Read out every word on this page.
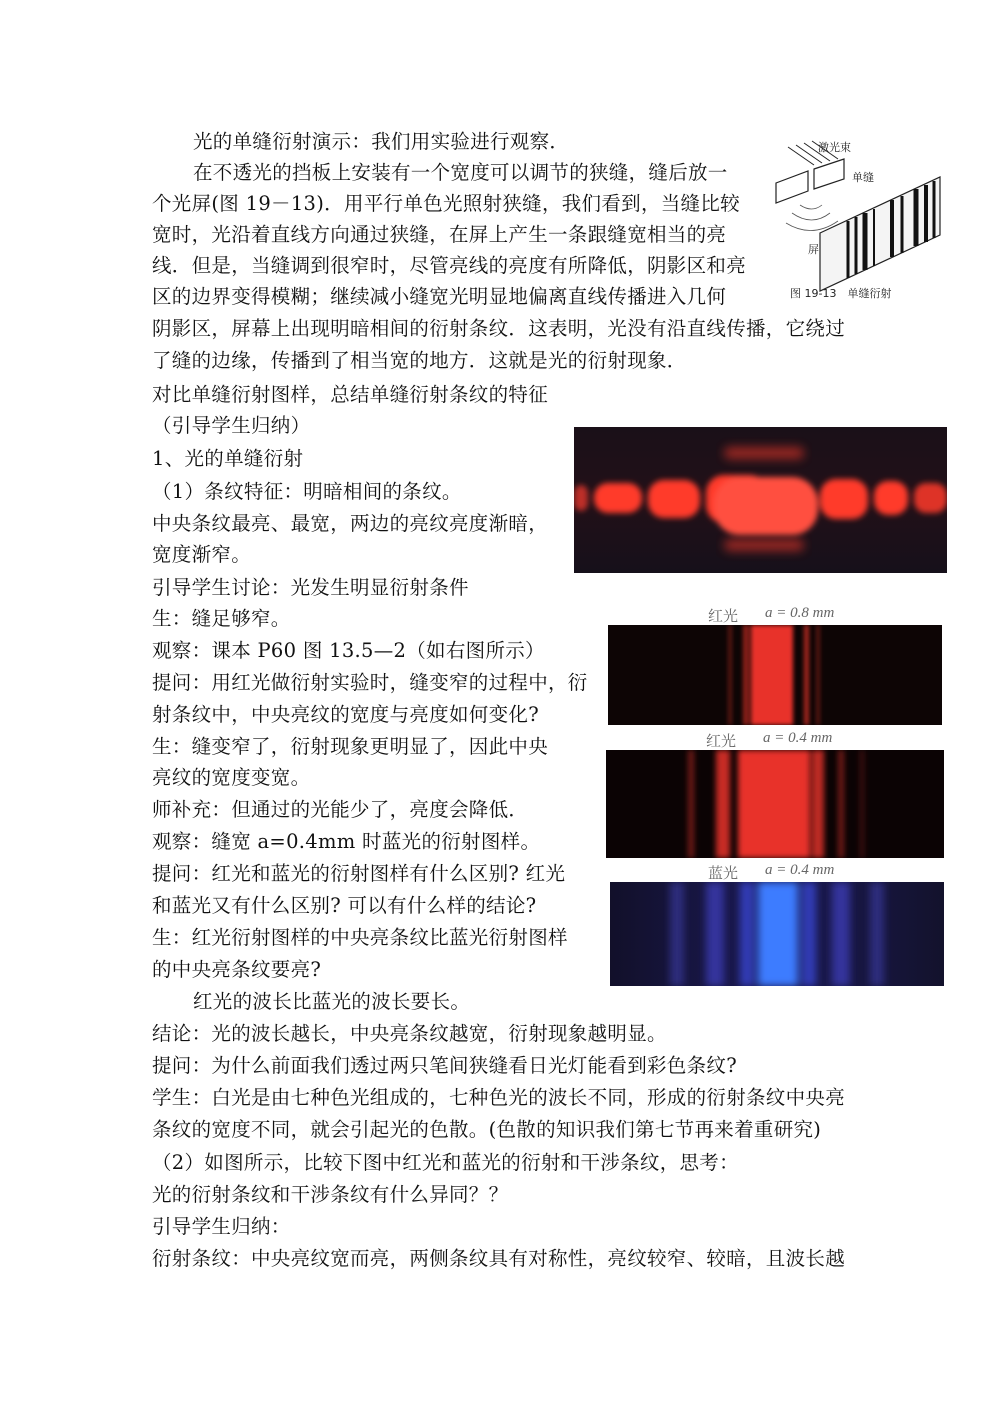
光的单缝衍射演示：我们用实验进行观察．
在不透光的挡板上安装有一个宽度可以调节的狭缝，缝后放一
个光屏(图 19－13)．用平行单色光照射狭缝，我们看到，当缝比较
宽时，光沿着直线方向通过狭缝，在屏上产生一条跟缝宽相当的亮
线．但是，当缝调到很窄时，尽管亮线的亮度有所降低，阴影区和亮
区的边界变得模糊；继续减小缝宽光明显地偏离直线传播进入几何
阴影区，屏幕上出现明暗相间的衍射条纹．这表明，光没有沿直线传播，它绕过
了缝的边缘，传播到了相当宽的地方．这就是光的衍射现象．
对比单缝衍射图样，总结单缝衍射条纹的特征
（引导学生归纳）
1、光的单缝衍射
（1）条纹特征：明暗相间的条纹。
中央条纹最亮、最宽，两边的亮纹亮度渐暗，
宽度渐窄。
引导学生讨论：光发生明显衍射条件
生：缝足够窄。
观察：课本 P60 图 13.5—2（如右图所示）
提问：用红光做衍射实验时，缝变窄的过程中，衍
射条纹中，中央亮纹的宽度与亮度如何变化?
生：缝变窄了，衍射现象更明显了，因此中央
亮纹的宽度变宽。
师补充：但通过的光能少了，亮度会降低．
观察：缝宽 a=0.4mm 时蓝光的衍射图样。
提问：红光和蓝光的衍射图样有什么区别? 红光
和蓝光又有什么区别? 可以有什么样的结论?
生：红光衍射图样的中央亮条纹比蓝光衍射图样
的中央亮条纹要亮?
红光的波长比蓝光的波长要长。
结论：光的波长越长，中央亮条纹越宽，衍射现象越明显。
提问：为什么前面我们透过两只笔间狭缝看日光灯能看到彩色条纹?
学生：白光是由七种色光组成的，七种色光的波长不同，形成的衍射条纹中央亮
条纹的宽度不同，就会引起光的色散。(色散的知识我们第七节再来着重研究)
（2）如图所示，比较下图中红光和蓝光的衍射和干涉条纹，思考：
光的衍射条纹和干涉条纹有什么异同？？
引导学生归纳：
衍射条纹：中央亮纹宽而亮，两侧条纹具有对称性，亮纹较窄、较暗，且波长越
激光束
单缝
屏
图 19-13　单缝衍射
红光 a = 0.8 mm
红光 a = 0.4 mm
蓝光 a = 0.4 mm
